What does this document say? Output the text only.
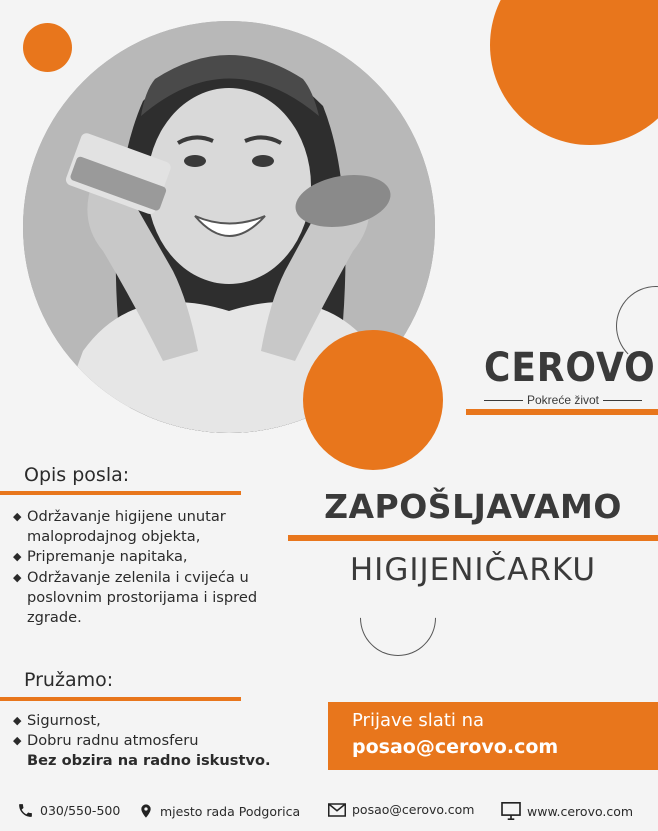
CEROVO
Pokreće život
Opis posla:
◆ Održavanje higijene unutar maloprodajnog objekta,
◆ Pripremanje napitaka,
◆ Održavanje zelenila i cvijeća u poslovnim prostorijama i ispred zgrade.
ZAPOŠLJAVAMO
HIGIJENIČARKU
Pružamo:
◆ Sigurnost,
◆ Dobru radnu atmosferu
Bez obzira na radno iskustvo.
Prijave slati na
posao@cerovo.com
030/550-500	mjesto rada Podgorica	posao@cerovo.com	www.cerovo.com
